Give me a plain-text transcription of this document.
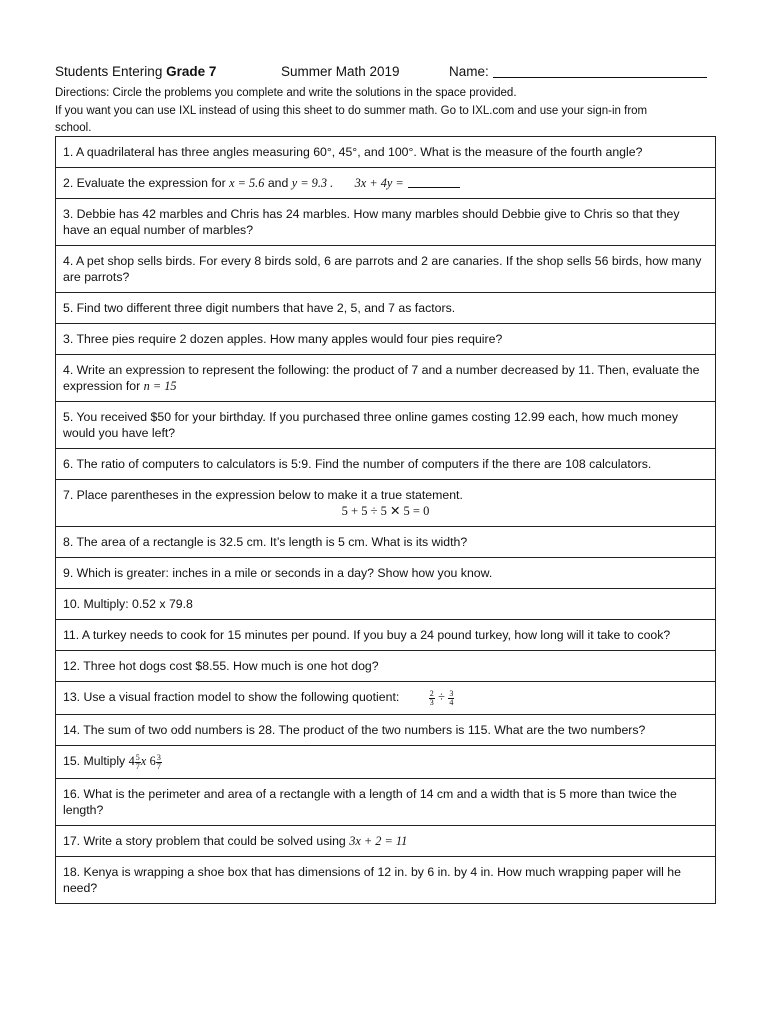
Students Entering Grade 7	Summer Math 2019	Name:
Directions: Circle the problems you complete and write the solutions in the space provided.
If you want you can use IXL instead of using this sheet to do summer math. Go to IXL.com and use your sign-in from
school.
1. A quadrilateral has three angles measuring 60°, 45°, and 100°. What is the measure of the fourth angle?
2. Evaluate the expression for x = 5.6 and y = 9.3 . 3x + 4y =
3. Debbie has 42 marbles and Chris has 24 marbles. How many marbles should Debbie give to Chris so that they have an equal number of marbles?
4. A pet shop sells birds. For every 8 birds sold, 6 are parrots and 2 are canaries. If the shop sells 56 birds, how many are parrots?
5. Find two different three digit numbers that have 2, 5, and 7 as factors.
3. Three pies require 2 dozen apples. How many apples would four pies require?
4. Write an expression to represent the following: the product of 7 and a number decreased by 11. Then, evaluate the expression for n = 15
5. You received $50 for your birthday. If you purchased three online games costing 12.99 each, how much money would you have left?
6. The ratio of computers to calculators is 5:9. Find the number of computers if the there are 108 calculators.

7. Place parentheses in the expression below to make it a true statement.
5 + 5 ÷ 5 ✕ 5 = 0

8. The area of a rectangle is 32.5 cm. It’s length is 5 cm. What is its width?
9. Which is greater: inches in a mile or seconds in a day? Show how you know.
10. Multiply: 0.52 x 79.8
11. A turkey needs to cook for 15 minutes per pound. If you buy a 24 pound turkey, how long will it take to cook?
12. Three hot dogs cost $8.55. How much is one hot dog?
13. Use a visual fraction model to show the following quotient:	$\frac{2}{3} \div \frac{3}{4}$

14. The sum of two odd numbers is 28. The product of the two numbers is 115. What are the two numbers?
15. Multiply $4 \frac{5}{7}$ x $6 \frac{3}{7}$

16. What is the perimeter and area of a rectangle with a length of 14 cm and a width that is 5 more than twice the length?
17. Write a story problem that could be solved using 3x + 2 = 11
18. Kenya is wrapping a shoe box that has dimensions of 12 in. by 6 in. by 4 in. How much wrapping paper will he need?
